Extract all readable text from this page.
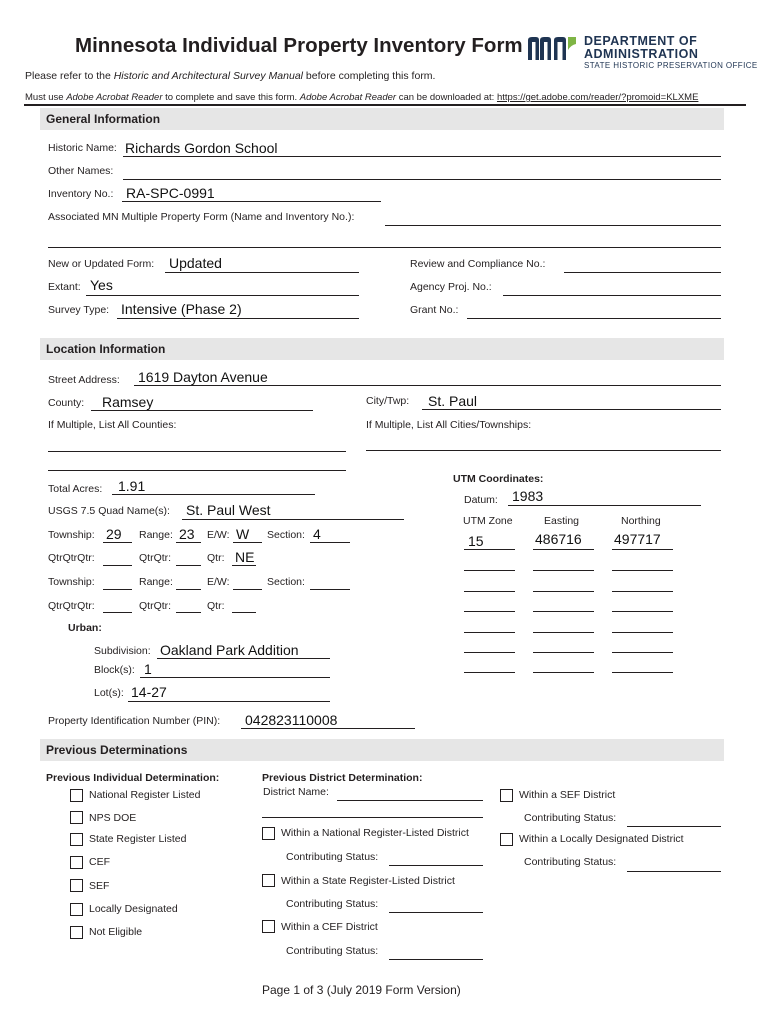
Minnesota Individual Property Inventory Form	DEPARTMENT OF
ADMINISTRATION
STATE HISTORIC PRESERVATION OFFICE
Please refer to the Historic and Architectural Survey Manual before completing this form.
Must use Adobe Acrobat Reader to complete and save this form. Adobe Acrobat Reader can be downloaded at: https://get.adobe.com/reader/?promoid=KLXME
General Information
Historic Name: Richards Gordon School
Other Names:
Inventory No.: RA-SPC-0991
Associated MN Multiple Property Form (Name and Inventory No.):
New or Updated Form: Updated
Extant: Yes
Survey Type: Intensive (Phase 2)
Review and Compliance No.:
Agency Proj. No.:
Grant No.:
Location Information
Street Address: 1619 Dayton Avenue
County: Ramsey	City/Twp: St. Paul
If Multiple, List All Counties:	If Multiple, List All Cities/Townships:
Total Acres: 1.91
USGS 7.5 Quad Name(s): St. Paul West
Township: 29 Range: 23 E/W: W Section: 4
QtrQtrQtr:	QtrQtr:	Qtr: NE
Township:	Range:	E/W:	Section:
QtrQtrQtr:	QtrQtr:	Qtr:
Urban:
Subdivision: Oakland Park Addition
Block(s): 1
Lot(s): 14-27
Property Identification Number (PIN): 042823110008
UTM Coordinates:
Datum: 1983
UTM Zone	Easting	Northing
15	486716 497717
Previous Determinations
Previous Individual Determination:
National Register Listed
NPS DOE
State Register Listed
CEF
SEF
Locally Designated
Not Eligible
Previous District Determination:
District Name:
Within a National Register-Listed District
Contributing Status:
Within a State Register-Listed District
Contributing Status:
Within a CEF District
Contributing Status:
Within a SEF District
Contributing Status:
Within a Locally Designated District
Contributing Status:
Page 1 of 3 (July 2019 Form Version)
